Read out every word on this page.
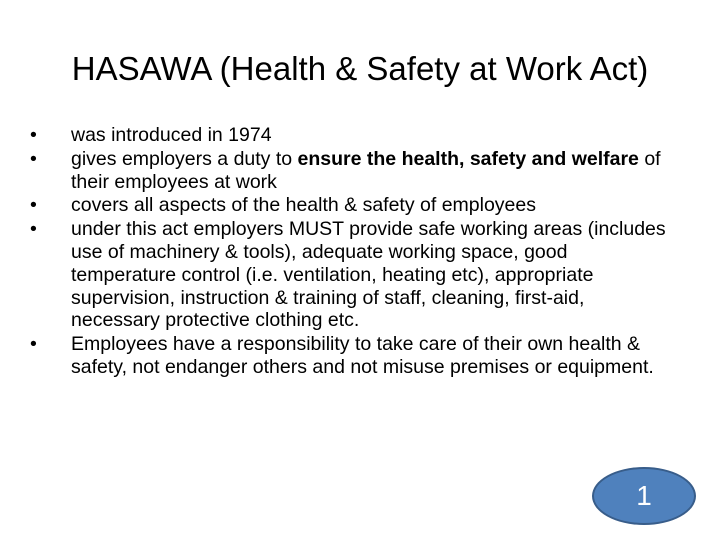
HASAWA (Health & Safety at Work Act)
• was introduced in 1974
• gives employers a duty to ensure the health, safety and welfare of their employees at work
• covers all aspects of the health & safety of employees
• under this act employers MUST provide safe working areas (includes use of machinery & tools), adequate working space, good temperature control (i.e. ventilation, heating etc), appropriate supervision, instruction & training of staff, cleaning, first-aid, necessary protective clothing etc.
• Employees have a responsibility to take care of their own health & safety, not endanger others and not misuse premises or equipment.
1
